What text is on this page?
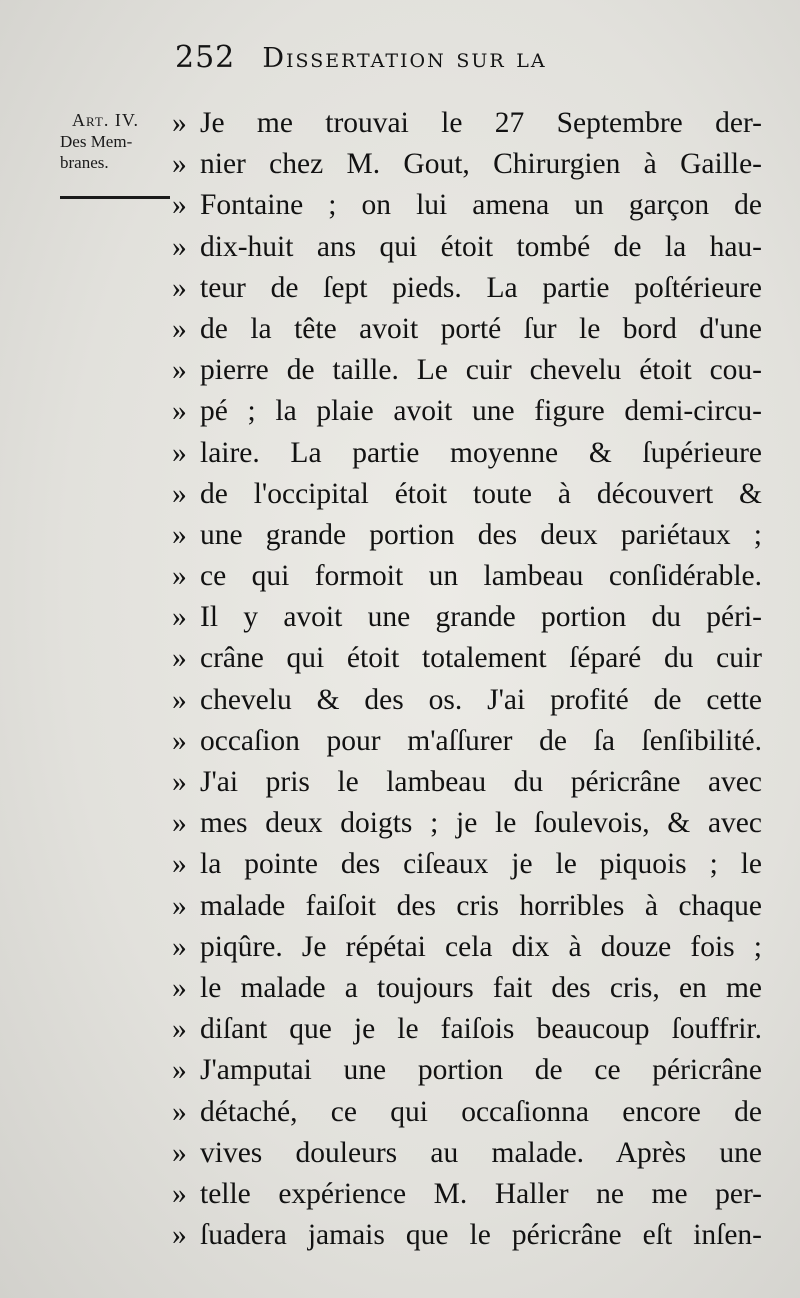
252 Dissertation sur la
Art. IV.
Des Mem-
branes.
» Je me trouvai le 27 Septembre der-
» nier chez M. Gout, Chirurgien à Gaille-
» Fontaine ; on lui amena un garçon de
» dix-huit ans qui étoit tombé de la hau-
» teur de ſept pieds. La partie poſtérieure
» de la tête avoit porté ſur le bord d'une
» pierre de taille. Le cuir chevelu étoit cou-
» pé ; la plaie avoit une figure demi-circu-
» laire. La partie moyenne & ſupérieure
» de l'occipital étoit toute à découvert &
» une grande portion des deux pariétaux ;
» ce qui formoit un lambeau conſidérable.
» Il y avoit une grande portion du péri-
» crâne qui étoit totalement ſéparé du cuir
» chevelu & des os. J'ai profité de cette
» occaſion pour m'aſſurer de ſa ſenſibilité.
» J'ai pris le lambeau du péricrâne avec
» mes deux doigts ; je le ſoulevois, & avec
» la pointe des ciſeaux je le piquois ; le
» malade faiſoit des cris horribles à chaque
» piqûre. Je répétai cela dix à douze fois ;
» le malade a toujours fait des cris, en me
» diſant que je le faiſois beaucoup ſouffrir.
» J'amputai une portion de ce péricrâne
» détaché, ce qui occaſionna encore de
» vives douleurs au malade. Après une
» telle expérience M. Haller ne me per-
» ſuadera jamais que le péricrâne eſt inſen-
